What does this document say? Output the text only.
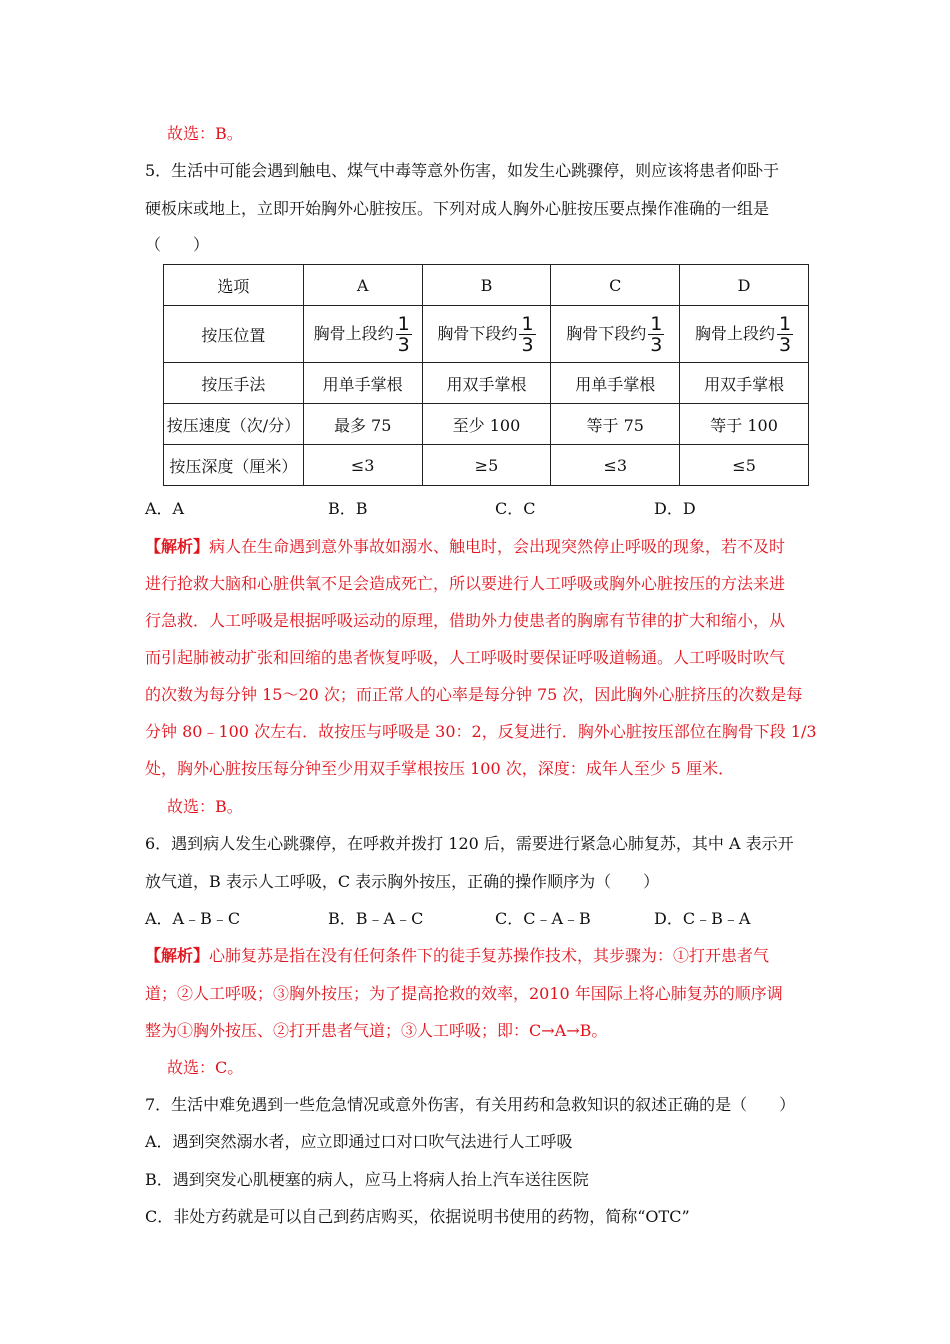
故选：B。
5．生活中可能会遇到触电、煤气中毒等意外伤害，如发生心跳骤停，则应该将患者仰卧于
硬板床或地上，立即开始胸外心脏按压。下列对成人胸外心脏按压要点操作准确的一组是
（　　）
选项	A	B	C	D
按压位置	胸骨上段约 $\frac{1}{3}$	胸骨下段约 $\frac{1}{3}$	胸骨下段约 $\frac{1}{3}$	胸骨上段约 $\frac{1}{3}$

按压手法	用单手掌根	用双手掌根	用单手掌根	用双手掌根
按压速度（次/分）	最多 75	至少 100	等于 75	等于 100
按压深度（厘米）	≤3	≥5	≤3	≤5
A．A	B．B	C．C	D．D
【解析】病人在生命遇到意外事故如溺水、触电时，会出现突然停止呼吸的现象，若不及时
进行抢救大脑和心脏供氧不足会造成死亡，所以要进行人工呼吸或胸外心脏按压的方法来进
行急救．人工呼吸是根据呼吸运动的原理，借助外力使患者的胸廓有节律的扩大和缩小，从
而引起肺被动扩张和回缩的患者恢复呼吸，人工呼吸时要保证呼吸道畅通。人工呼吸时吹气
的次数为每分钟 15～20 次；而正常人的心率是每分钟 75 次，因此胸外心脏挤压的次数是每
分钟 80﹣100 次左右．故按压与呼吸是 30：2，反复进行．胸外心脏按压部位在胸骨下段 1/3
处，胸外心脏按压每分钟至少用双手掌根按压 100 次，深度：成年人至少 5 厘米．
故选：B。
6．遇到病人发生心跳骤停，在呼救并拨打 120 后，需要进行紧急心肺复苏，其中 A 表示开
放气道，B 表示人工呼吸，C 表示胸外按压，正确的操作顺序为（　　）
A．A﹣B﹣C	B．B﹣A﹣C	C．C﹣A﹣B	D．C﹣B﹣A
【解析】心肺复苏是指在没有任何条件下的徒手复苏操作技术，其步骤为：①打开患者气
道；②人工呼吸；③胸外按压；为了提高抢救的效率，2010 年国际上将心肺复苏的顺序调
整为①胸外按压、②打开患者气道；③人工呼吸；即：C→A→B。
故选：C。
7．生活中难免遇到一些危急情况或意外伤害，有关用药和急救知识的叙述正确的是（　　）
A．遇到突然溺水者，应立即通过口对口吹气法进行人工呼吸
B．遇到突发心肌梗塞的病人，应马上将病人抬上汽车送往医院
C．非处方药就是可以自己到药店购买，依据说明书使用的药物，简称“OTC”
